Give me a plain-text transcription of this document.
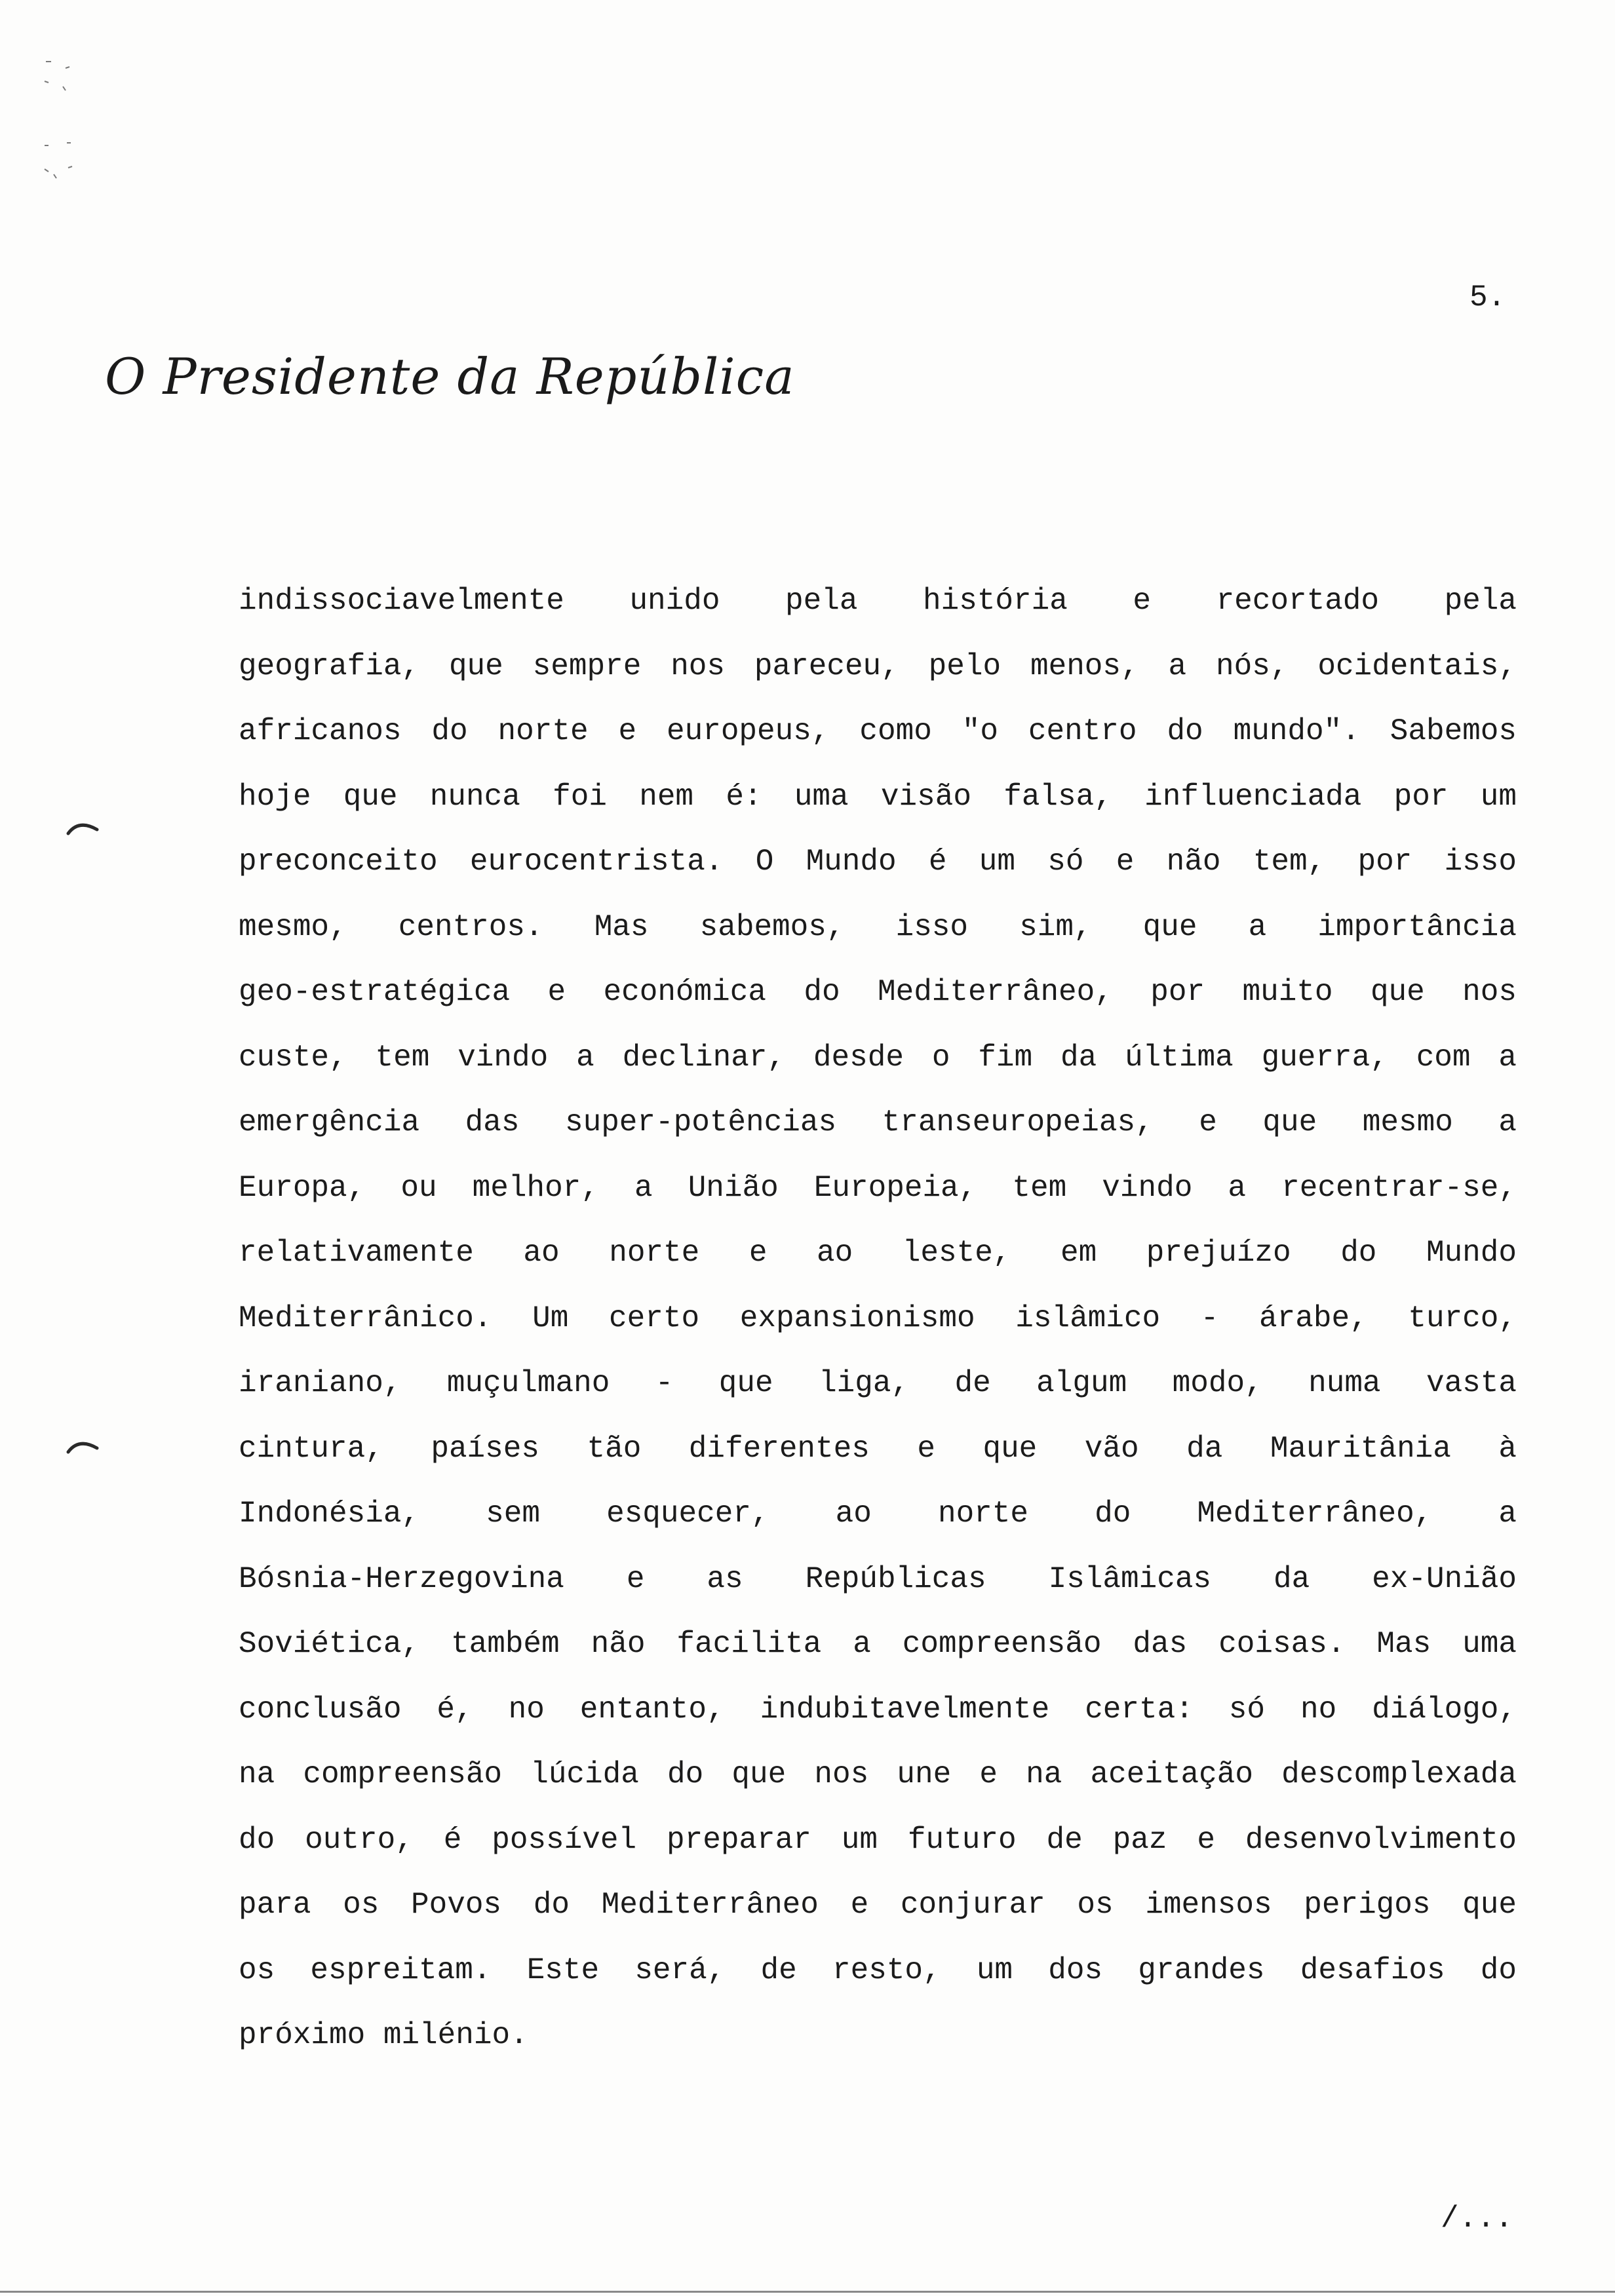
5.
O Presidente da República
indissociavelmente unido pela história e recortado pela
geografia, que sempre nos pareceu, pelo menos, a nós, ocidentais,
africanos do norte e europeus, como "o centro do mundo". Sabemos
hoje que nunca foi nem é: uma visão falsa, influenciada por um
preconceito eurocentrista. O Mundo é um só e não tem, por isso
mesmo, centros. Mas sabemos, isso sim, que a importância
geo-estratégica e económica do Mediterrâneo, por muito que nos
custe, tem vindo a declinar, desde o fim da última guerra, com a
emergência das super-potências transeuropeias, e que mesmo a
Europa, ou melhor, a União Europeia, tem vindo a recentrar-se,
relativamente ao norte e ao leste, em prejuízo do Mundo
Mediterrânico. Um certo expansionismo islâmico - árabe, turco,
iraniano, muçulmano - que liga, de algum modo, numa vasta
cintura, países tão diferentes e que vão da Mauritânia à
Indonésia, sem esquecer, ao norte do Mediterrâneo, a
Bósnia-Herzegovina e as Repúblicas Islâmicas da ex-União
Soviética, também não facilita a compreensão das coisas. Mas uma
conclusão é, no entanto, indubitavelmente certa: só no diálogo,
na compreensão lúcida do que nos une e na aceitação descomplexada
do outro, é possível preparar um futuro de paz e desenvolvimento
para os Povos do Mediterrâneo e conjurar os imensos perigos que
os espreitam. Este será, de resto, um dos grandes desafios do
próximo milénio.
/...
